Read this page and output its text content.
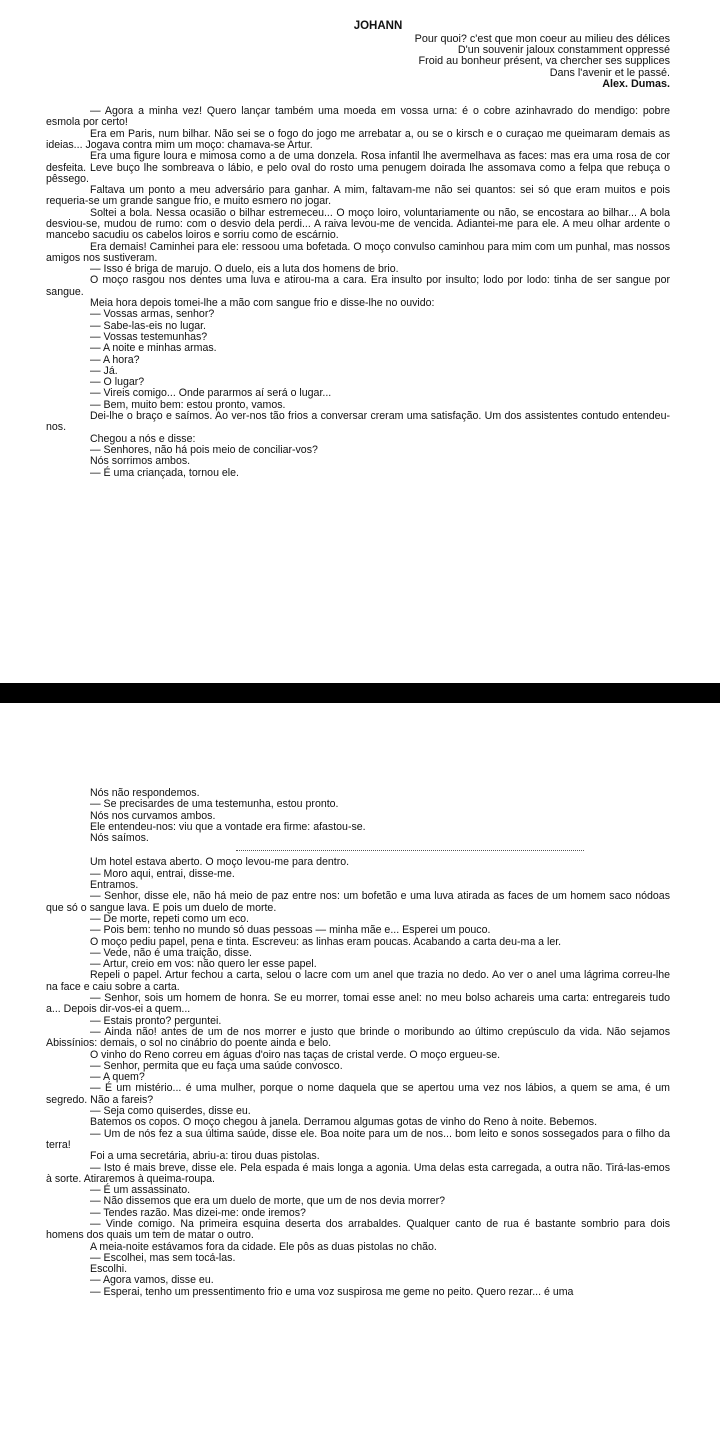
JOHANN
Pour quoi? c'est que mon coeur au milieu des délices
D'un souvenir jaloux constamment oppressé
Froid au bonheur présent, va chercher ses supplices
Dans l'avenir et le passé.
Alex. Dumas.

— Agora a minha vez! Quero lançar também uma moeda em vossa urna: é o cobre azinhavrado do mendigo: pobre esmola por certo!

Era em Paris, num bilhar. Não sei se o fogo do jogo me arrebatar a, ou se o kirsch e o curaçao me queimaram demais as ideias... Jogava contra mim um moço: chamava-se Artur.

Era uma figure loura e mimosa como a de uma donzela. Rosa infantil lhe avermelhava as faces: mas era uma rosa de cor desfeita. Leve buço lhe sombreava o lábio, e pelo oval do rosto uma penugem doirada lhe assomava como a felpa que rebuça o pêssego.

Faltava um ponto a meu adversário para ganhar. A mim, faltavam-me não sei quantos: sei só que eram muitos e pois requeria-se um grande sangue frio, e muito esmero no jogar.

Soltei a bola. Nessa ocasião o bilhar estremeceu... O moço loiro, voluntariamente ou não, se encostara ao bilhar... A bola desviou-se, mudou de rumo: com o desvio dela perdi... A raiva levou-me de vencida. Adiantei-me para ele. A meu olhar ardente o mancebo sacudiu os cabelos loiros e sorriu como de escárnio.

Era demais! Caminhei para ele: ressoou uma bofetada. O moço convulso caminhou para mim com um punhal, mas nossos amigos nos sustiveram.

— Isso é briga de marujo. O duelo, eis a luta dos homens de brio.

O moço rasgou nos dentes uma luva e atirou-ma a cara. Era insulto por insulto; lodo por lodo: tinha de ser sangue por sangue.

Meia hora depois tomei-lhe a mão com sangue frio e disse-lhe no ouvido:

— Vossas armas, senhor?

— Sabe-las-eis no lugar.

— Vossas testemunhas?

— A noite e minhas armas.

— A hora?

— Já.

— O lugar?

— Vireis comigo... Onde pararmos aí será o lugar...

— Bem, muito bem: estou pronto, vamos.

Dei-lhe o braço e saímos. Ao ver-nos tão frios a conversar creram uma satisfação. Um dos assistentes contudo entendeu-nos.

Chegou a nós e disse:

— Senhores, não há pois meio de conciliar-vos?

Nós sorrimos ambos.

— É uma criançada, tornou ele.

Nós não respondemos.

— Se precisardes de uma testemunha, estou pronto.

Nós nos curvamos ambos.

Ele entendeu-nos: viu que a vontade era firme: afastou-se.

Nós saímos.

Um hotel estava aberto. O moço levou-me para dentro.

— Moro aqui, entrai, disse-me.

Entramos.

— Senhor, disse ele, não há meio de paz entre nos: um bofetão e uma luva atirada as faces de um homem saco nódoas que só o sangue lava. E pois um duelo de morte.

— De morte, repeti como um eco.

— Pois bem: tenho no mundo só duas pessoas — minha mãe e... Esperei um pouco.

O moço pediu papel, pena e tinta. Escreveu: as linhas eram poucas. Acabando a carta deu-ma a ler.

— Vede, não é uma traição, disse.

— Artur, creio em vos: não quero ler esse papel.

Repeli o papel. Artur fechou a carta, selou o lacre com um anel que trazia no dedo. Ao ver o anel uma lágrima correu-lhe na face e caiu sobre a carta.

— Senhor, sois um homem de honra. Se eu morrer, tomai esse anel: no meu bolso achareis uma carta: entregareis tudo a... Depois dir-vos-ei a quem...

— Estais pronto? perguntei.

— Ainda não! antes de um de nos morrer e justo que brinde o moribundo ao último crepúsculo da vida. Não sejamos Abissínios: demais, o sol no cinábrio do poente ainda e belo.

O vinho do Reno correu em águas d'oiro nas taças de cristal verde. O moço ergueu-se.

— Senhor, permita que eu faça uma saúde convosco.

— A quem?

— É um mistério... é uma mulher, porque o nome daquela que se apertou uma vez nos lábios, a quem se ama, é um segredo. Não a fareis?

— Seja como quiserdes, disse eu.

Batemos os copos. O moço chegou à janela. Derramou algumas gotas de vinho do Reno à noite. Bebemos.

— Um de nós fez a sua última saúde, disse ele. Boa noite para um de nos... bom leito e sonos sossegados para o filho da terra!

Foi a uma secretária, abriu-a: tirou duas pistolas.

— Isto é mais breve, disse ele. Pela espada é mais longa a agonia. Uma delas esta carregada, a outra não. Tirá-las-emos à sorte. Atiraremos à queima-roupa.

— É um assassinato.

— Não dissemos que era um duelo de morte, que um de nos devia morrer?

— Tendes razão. Mas dizei-me: onde iremos?

— Vinde comigo. Na primeira esquina deserta dos arrabaldes. Qualquer canto de rua é bastante sombrio para dois homens dos quais um tem de matar o outro.

A meia-noite estávamos fora da cidade. Ele pôs as duas pistolas no chão.

— Escolhei, mas sem tocá-las.

Escolhi.

— Agora vamos, disse eu.

— Esperai, tenho um pressentimento frio e uma voz suspirosa me geme no peito. Quero rezar... é uma
